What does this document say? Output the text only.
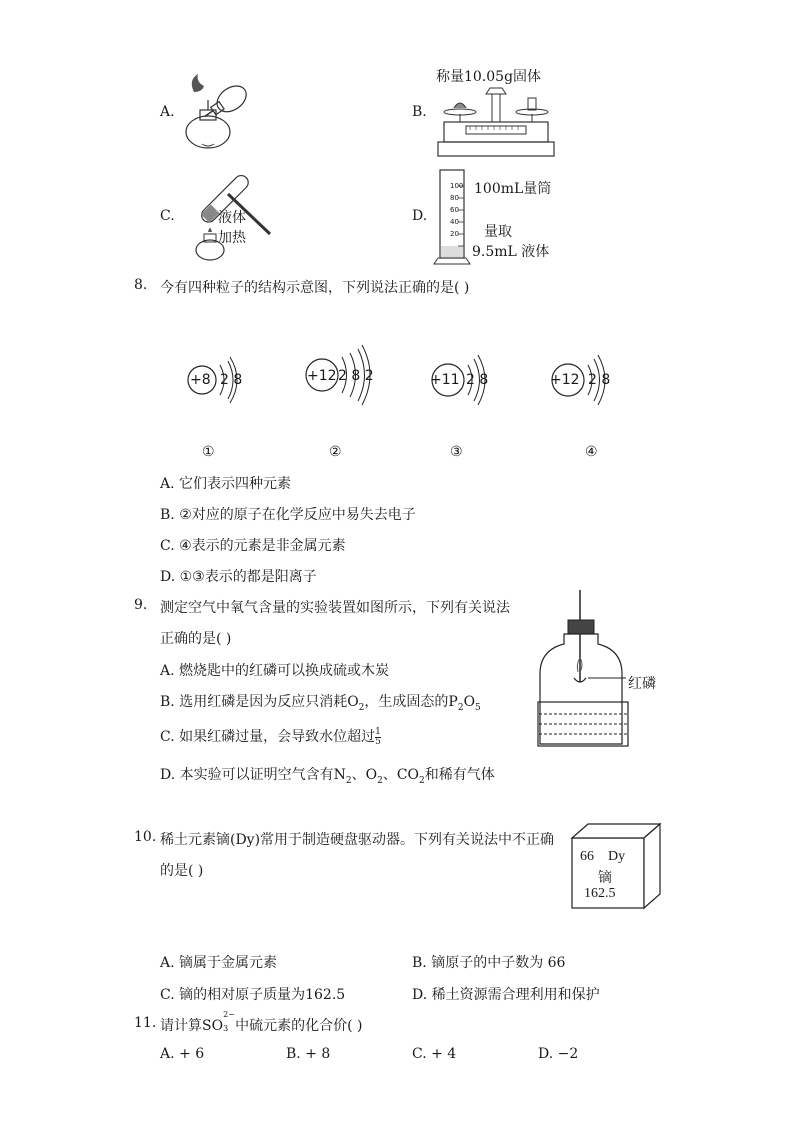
A.	B.
称量10.05g固体
C.	液体
加热
D.
100
80
60
40
20
100mL量筒
量取
9.5mL 液体
8. 今有四种粒子的结构示意图，下列说法正确的是( )
+8 2 8	+12 2 8 2	+11 2 8	+12 2 8
①	②	③	④
A. 它们表示四种元素
B. ②对应的原子在化学反应中易失去电子
C. ④表示的元素是非金属元素
D. ①③表示的都是阳离子
9. 测定空气中氧气含量的实验装置如图所示，下列有关说法
正确的是( )
A. 燃烧匙中的红磷可以换成硫或木炭
B. 选用红磷是因为反应只消耗$O_2$，生成固态的$P_2O_5$
C. 如果红磷过量，会导致水位超过 $\frac{1}{5}$
D. 本实验可以证明空气含有$N_2$、$O_2$、$CO_2$和稀有气体
红磷
10. 稀土元素镝(Dy)常用于制造硬盘驱动器。下列有关说法中不正确
的是( )
66 Dy
镝
162.5
A. 镝属于金属元素	B. 镝原子的中子数为 66
C. 镝的相对原子质量为162.5	D. 稀土资源需合理利用和保护
11. 请计算SO
2−
3 中硫元素的化合价( )
A. + 6	B. + 8	C. + 4	D. −2
